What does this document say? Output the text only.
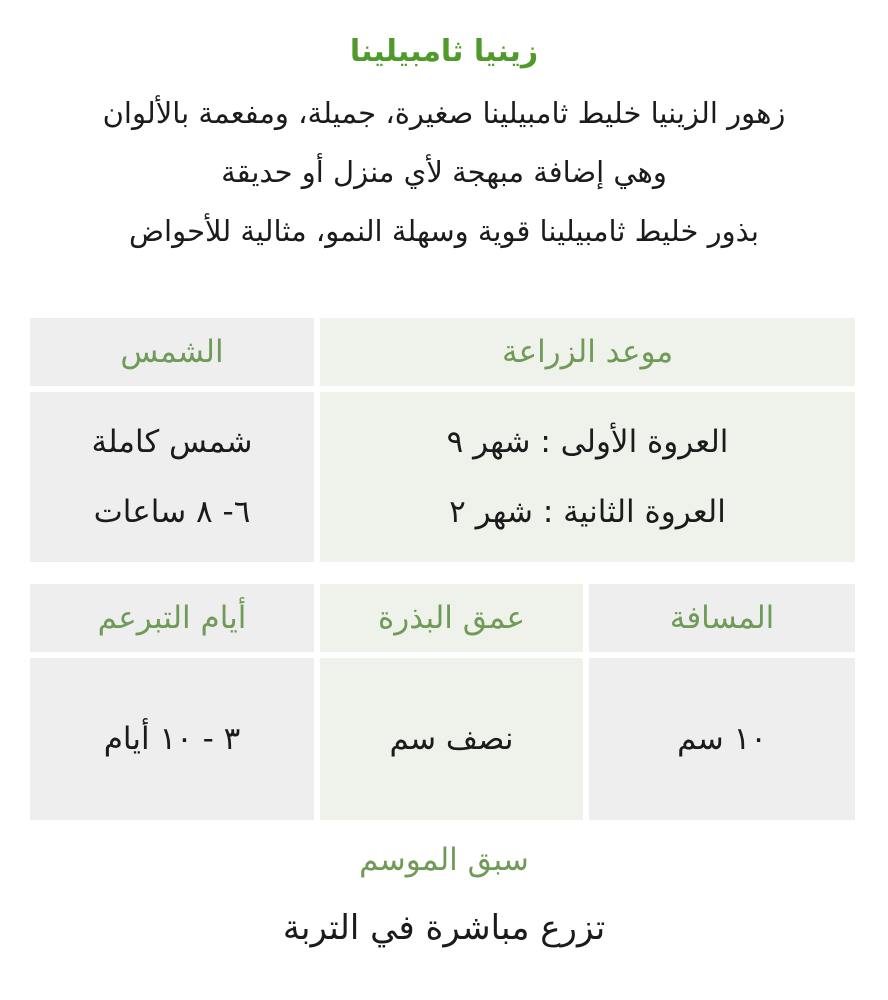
زينيا ثامبيلينا
زهور الزينيا خليط ثامبيلينا صغيرة، جميلة، ومفعمة بالألوان
وهي إضافة مبهجة لأي منزل أو حديقة
بذور خليط ثامبيلينا قوية وسهلة النمو، مثالية للأحواض
موعد الزراعة
الشمس
العروة الأولى : شهر ٩
العروة الثانية : شهر ٢
شمس كاملة
٦- ٨ ساعات
المسافة
عمق البذرة
أيام التبرعم
١٠ سم
نصف سم
٣ - ١٠ أيام
سبق الموسم
تزرع مباشرة في التربة
